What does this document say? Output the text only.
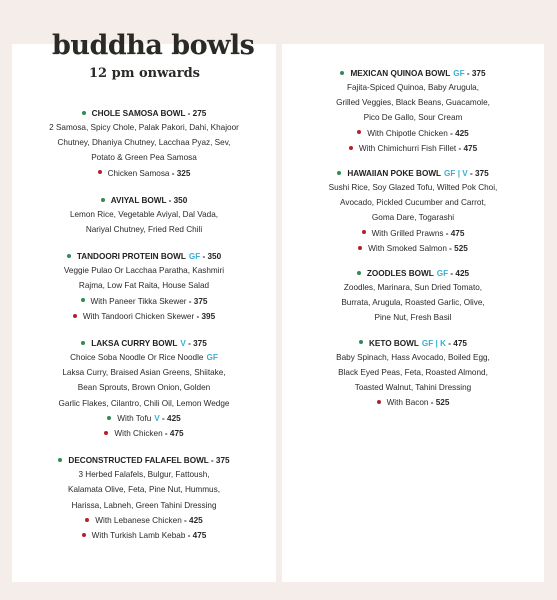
buddha bowls
12 pm onwards
CHOLE SAMOSA BOWL - 275
2 Samosa, Spicy Chole, Palak Pakori, Dahi, Khajoor
Chutney, Dhaniya Chutney, Lacchaa Pyaz, Sev,
Potato & Green Pea Samosa
Chicken Samosa - 325
AVIYAL BOWL - 350
Lemon Rice, Vegetable Aviyal, Dal Vada,
Nariyal Chutney, Fried Red Chili
TANDOORI PROTEIN BOWL GF - 350
Veggie Pulao Or Lacchaa Paratha, Kashmiri
Rajma, Low Fat Raita, House Salad
With Paneer Tikka Skewer - 375
With Tandoori Chicken Skewer - 395
LAKSA CURRY BOWL V - 375
Choice Soba Noodle Or Rice Noodle GF
Laksa Curry, Braised Asian Greens, Shiitake,
Bean Sprouts, Brown Onion, Golden
Garlic Flakes, Cilantro, Chili Oil, Lemon Wedge
With Tofu V - 425
With Chicken - 475
DECONSTRUCTED FALAFEL BOWL - 375
3 Herbed Falafels, Bulgur, Fattoush,
Kalamata Olive, Feta, Pine Nut, Hummus,
Harissa, Labneh, Green Tahini Dressing
With Lebanese Chicken - 425
With Turkish Lamb Kebab - 475
MEXICAN QUINOA BOWL GF - 375
Fajita-Spiced Quinoa, Baby Arugula,
Grilled Veggies, Black Beans, Guacamole,
Pico De Gallo, Sour Cream
With Chipotle Chicken - 425
With Chimichurri Fish Fillet - 475
HAWAIIAN POKE BOWL GF | V - 375
Sushi Rice, Soy Glazed Tofu, Wilted Pok Choi,
Avocado, Pickled Cucumber and Carrot,
Goma Dare, Togarashi
With Grilled Prawns - 475
With Smoked Salmon - 525
ZOODLES BOWL GF - 425
Zoodles, Marinara, Sun Dried Tomato,
Burrata, Arugula, Roasted Garlic, Olive,
Pine Nut, Fresh Basil
KETO BOWL GF | K - 475
Baby Spinach, Hass Avocado, Boiled Egg,
Black Eyed Peas, Feta, Roasted Almond,
Toasted Walnut, Tahini Dressing
With Bacon - 525
